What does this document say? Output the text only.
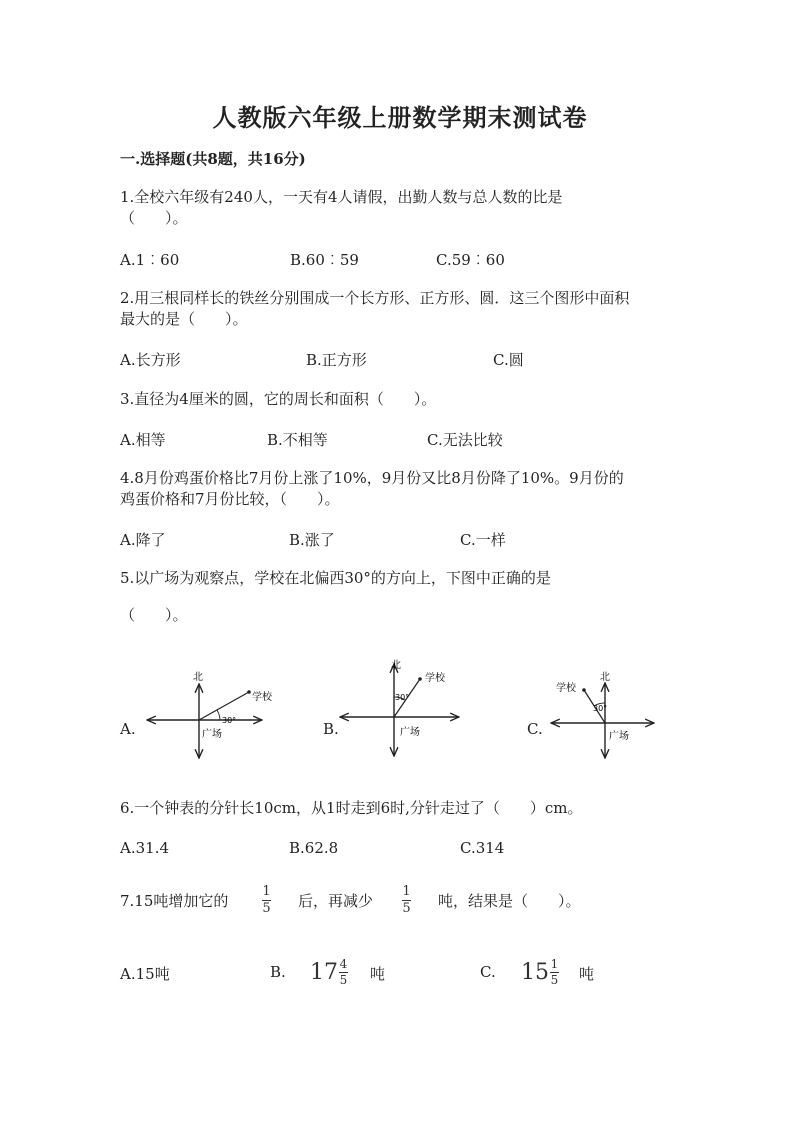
人教版六年级上册数学期末测试卷
一.选择题(共8题，共16分)
1.全校六年级有240人，一天有4人请假，出勤人数与总人数的比是
（　　）。
A.1︰60	B.60︰59	C.59︰60
2.用三根同样长的铁丝分别围成一个长方形、正方形、圆．这三个图形中面积
最大的是（　　）。
A.长方形	B.正方形	C.圆
3.直径为4厘米的圆，它的周长和面积（　　）。
A.相等	B.不相等	C.无法比较
4.8月份鸡蛋价格比7月份上涨了10%，9月份又比8月份降了10%。9月份的
鸡蛋价格和7月份比较，（　　）。
A.降了	B.涨了	C.一样
5.以广场为观察点，学校在北偏西30°的方向上，下图中正确的是
（　　）。
A.	B.	C.
北
学校
30°
广场
北
学校
30°
广场
北
学校
30°
广场
6.一个钟表的分针长10cm，从1时走到6时,分针走过了（　　）cm。
A.31.4	B.62.8	C.314
7.15吨增加它的
1
5 后，再减少
1
5 吨，结果是（　　）。
A.15吨	B. $17 \frac{4}{5}$ 吨	C. $15 \frac{1}{5}$ 吨
